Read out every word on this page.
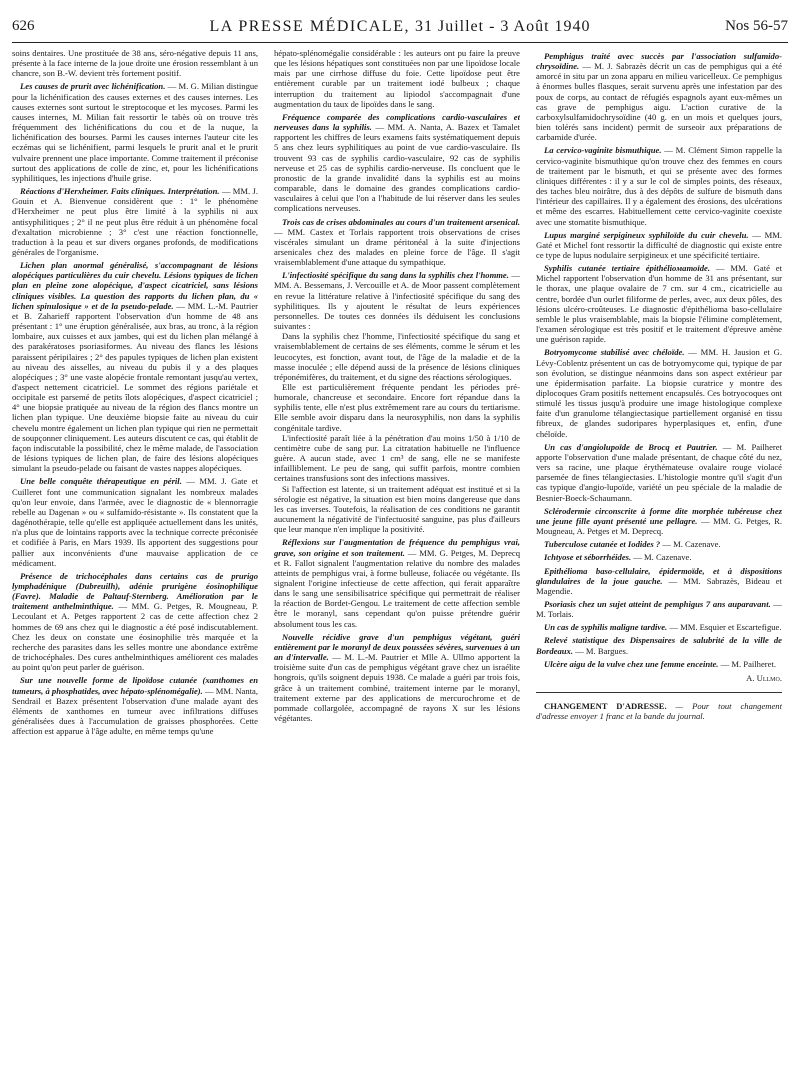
626	LA PRESSE MÉDICALE, 31 Juillet - 3 Août 1940	Nos 56-57

soins dentaires. Une prostituée de 38 ans, séro-négative depuis 11 ans, présente à la face interne de la joue droite une érosion ressemblant à un chancre, son B.-W. devient très fortement positif.

Les causes de prurit avec lichénification. — M. G. Milian distingue pour la lichénification des causes externes et des causes internes. Les causes externes sont surtout le streptocoque et les mycoses. Parmi les causes internes, M. Milian fait ressortir le tabès où on trouve très fréquemment des lichénifications du cou et de la nuque, la lichénification des bourses. Parmi les causes internes l'auteur cite les eczémas qui se lichénifient, parmi lesquels le prurit anal et le prurit vulvaire prennent une place importante. Comme traitement il préconise surtout des applications de colle de zinc, et, pour les lichénifications syphilitiques, les injections d'huile grise.

Réactions d'Herxheimer. Faits cliniques. Interprétation. — MM. J. Gouin et A. Bienvenue considèrent que : 1° le phénomène d'Herxheimer ne peut plus être limité à la syphilis ni aux antisyphilitiques ; 2° il ne peut plus être réduit à un phénomène focal d'exaltation microbienne ; 3° c'est une réaction fonctionnelle, traduction à la peau et sur divers organes profonds, de modifications générales de l'organisme.

Lichen plan anormal généralisé, s'accompagnant de lésions alopéciques particulières du cuir chevelu. Lésions typiques de lichen plan en pleine zone alopécique, d'aspect cicatriciel, sans lésions cliniques visibles. La question des rapports du lichen plan, du « lichen spinulosique » et de la pseudo-pelade. — MM. L.-M. Pautrier et B. Zaharieff rapportent l'observation d'un homme de 48 ans présentant : 1° une éruption généralisée, aux bras, au tronc, à la région lombaire, aux cuisses et aux jambes, qui est du lichen plan mélangé à des parakératoses psoriasiformes. Au niveau des flancs les lésions paraissent péripilaires ; 2° des papules typiques de lichen plan existent au niveau des aisselles, au niveau du pubis il y a des plaques alopéciques ; 3° une vaste alopécie frontale remontant jusqu'au vertex, d'aspect nettement cicatriciel. Le sommet des régions pariétale et occipitale est parsemé de petits îlots alopéciques, d'aspect cicatriciel ; 4° une biopsie pratiquée au niveau de la région des flancs montre un lichen plan typique. Une deuxième biopsie faite au niveau du cuir chevelu montre également un lichen plan typique qui rien ne permettait de soupçonner cliniquement. Les auteurs discutent ce cas, qui établit de façon indiscutable la possibilité, chez le même malade, de l'association de lésions typiques de lichen plan, de faire des lésions alopéciques simulant la pseudo-pelade ou faisant de vastes nappes alopéciques.

Une belle conquête thérapeutique en péril. — MM. J. Gate et Cuilleret font une communication signalant les nombreux malades qu'on leur envoie, dans l'armée, avec le diagnostic de « blennorragie rebelle au Dagenan » ou « sulfamido-résistante ». Ils constatent que la dagénothérapie, telle qu'elle est appliquée actuellement dans les unités, n'a plus que de lointains rapports avec la technique correcte préconisée et codifiée à Paris, en Mars 1939. Ils apportent des suggestions pour pallier aux inconvénients d'une mauvaise application de ce médicament.

Présence de trichocéphales dans certains cas de prurigo lymphadénique (Dubreuilh), adénie prurigène éosinophilique (Favre). Maladie de Paltauf-Sternberg. Amélioration par le traitement anthelminthique. — MM. G. Petges, R. Mougneau, P. Lecoulant et A. Petges rapportent 2 cas de cette affection chez 2 hommes de 69 ans chez qui le diagnostic a été posé indiscutablement. Chez les deux on constate une éosinophilie très marquée et la recherche des parasites dans les selles montre une abondance extrême de trichocéphales. Des cures anthelminthiques améliorent ces malades au point qu'on peut parler de guérison.

Sur une nouvelle forme de lipoïdose cutanée (xanthomes en tumeurs, à phosphatides, avec hépato-splénomégalie). — MM. Nanta, Sendrail et Bazex présentent l'observation d'une malade ayant des éléments de xanthomes en tumeur avec infiltrations diffuses généralisées dues à l'accumulation de graisses phosphorées. Cette affection est apparue à l'âge adulte, en même temps qu'une

hépato-splénomégalie considérable : les auteurs ont pu faire la preuve que les lésions hépatiques sont constituées non par une lipoïdose locale mais par une cirrhose diffuse du foie. Cette lipoïdose peut être entièrement curable par un traitement iodé bulbeux ; chaque interruption du traitement au lipiodol s'accompagnait d'une augmentation du taux de lipoïdes dans le sang.

Fréquence comparée des complications cardio-vasculaires et nerveuses dans la syphilis. — MM. A. Nanta, A. Bazex et Tamalet rapportent les chiffres de leurs examens faits systématiquement depuis 5 ans chez leurs syphilitiques au point de vue cardio-vasculaire. Ils trouvent 93 cas de syphilis cardio-vasculaire, 92 cas de syphilis nerveuse et 25 cas de syphilis cardio-nerveuse. Ils concluent que le pronostic de la grande invalidité dans la syphilis est au moins comparable, dans le domaine des grandes complications cardio-vasculaires à celui que l'on a l'habitude de lui réserver dans les seules complications nerveuses.

Trois cas de crises abdominales au cours d'un traitement arsenical. — MM. Castex et Torlais rapportent trois observations de crises viscérales simulant un drame péritonéal à la suite d'injections arsenicales chez des malades en pleine force de l'âge. Il s'agit vraisemblablement d'une attaque du sympathique.

L'infectiosité spécifique du sang dans la syphilis chez l'homme. — MM. A. Bessemans, J. Vercouille et A. de Moor passent complètement en revue la littérature relative à l'infectiosité spécifique du sang des syphilitiques. Ils y ajoutent le résultat de leurs expériences personnelles. De toutes ces données ils déduisent les conclusions suivantes :

Dans la syphilis chez l'homme, l'infectiosité spécifique du sang et vraisemblablement de certains de ses éléments, comme le sérum et les leucocytes, est fonction, avant tout, de l'âge de la maladie et de la masse inoculée ; elle dépend aussi de la présence de lésions cliniques tréponémifères, du traitement, et du signe des réactions sérologiques.

Elle est particulièrement fréquente pendant les périodes pré-humorale, chancreuse et secondaire. Encore fort répandue dans la syphilis tente, elle n'est plus extrêmement rare au cours du tertiarisme. Elle semble avoir disparu dans la neurosyphilis, non dans la syphilis congénitale tardive.

L'infectiosité paraît liée à la pénétration d'au moins 1/50 à 1/10 de centimètre cube de sang pur. La citratation habituelle ne l'influence guère. A aucun stade, avec 1 cm³ de sang, elle ne se manifeste infailliblement. Le peu de sang, qui suffit parfois, montre combien certaines transfusions sont des infections massives.

Si l'affection est latente, si un traitement adéquat est institué et si la sérologie est négative, la situation est bien moins dangereuse que dans les cas inverses. Toutefois, la réalisation de ces conditions ne garantit aucunement la négativité de l'infectuosité sanguine, pas plus d'ailleurs que leur manque n'en implique la positivité.

Réflexions sur l'augmentation de fréquence du pemphigus vrai, grave, son origine et son traitement. — MM. G. Petges, M. Deprecq et R. Fallot signalent l'augmentation relative du nombre des malades atteints de pemphigus vrai, à forme bulleuse, foliacée ou végétante. Ils signalent l'origine infectieuse de cette affection, qui ferait apparaître dans le sang une sensibilisatrice spécifique qui permettrait de réaliser la réaction de Bordet-Gengou. Le traitement de cette affection semble être le moranyl, sans cependant qu'on puisse prétendre guérir absolument tous les cas.

Nouvelle récidive grave d'un pemphigus végétant, guéri entièrement par le moranyl de deux poussées sévères, survenues à un an d'intervalle. — M. L.-M. Pautrier et Mlle A. Ullmo apportent la troisième suite d'un cas de pemphigus végétant grave chez un israélite hongrois, qu'ils soignent depuis 1938. Ce malade a guéri par trois fois, grâce à un traitement combiné, traitement interne par le moranyl, traitement externe par des applications de mercurochrome et de pommade collargolée, accompagné de rayons X sur les lésions végétantes.

Pemphigus traité avec succès par l'association sulfamido-chrysoïdine. — M. J. Sabrazès décrit un cas de pemphigus qui a été amorcé in situ par un zona apparu en milieu varicelleux. Ce pemphigus à énormes bulles flasques, serait survenu après une infestation par des poux de corps, au contact de réfugiés espagnols ayant eux-mêmes un cas grave de pemphigus aigu. L'action curative de la carboxylsulfamidochrysoïdine (40 g. en un mois et quelques jours, bien tolérés sans incident) permit de surseoir aux préparations de carbamide d'urée.

La cervico-vaginite bismuthique. — M. Clément Simon rappelle la cervico-vaginite bismuthique qu'on trouve chez des femmes en cours de traitement par le bismuth, et qui se présente avec des formes cliniques différentes : il y a sur le col de simples points, des réseaux, des taches bleu noirâtre, dus à des dépôts de sulfure de bismuth dans l'intérieur des capillaires. Il y a également des érosions, des ulcérations et même des escarres. Habituellement cette cervico-vaginite coexiste avec une stomatite bismuthique.

Lupus marginé serpigineux syphiloïde du cuir chevelu. — MM. Gaté et Michel font ressortir la difficulté de diagnostic qui existe entre ce type de lupus nodulaire serpigineux et une spécificité tertiaire.

Syphilis cutanée tertiaire épithélioматоïde. — MM. Gaté et Michel rapportent l'observation d'un homme de 31 ans présentant, sur le thorax, une plaque ovalaire de 7 cm. sur 4 cm., cicatricielle au centre, bordée d'un ourlet filiforme de perles, avec, aux deux pôles, des lésions ulcéro-croûteuses. Le diagnostic d'épithélioma baso-cellulaire semble le plus vraisemblable, mais la biopsie l'élimine complètement, l'examen sérologique est très positif et le traitement d'épreuve amène une guérison rapide.

Botryomycome stabilisé avec chéloïde. — MM. H. Jausion et G. Lévy-Coblentz présentent un cas de botryomycome qui, typique de par son évolution, se distingue néanmoins dans son aspect extérieur par une épidermisation parfaite. La biopsie curatrice y montre des diplocoques Gram positifs nettement encapsulés. Ces botryocoques ont stimulé les tissus jusqu'à produire une image histologique complexe faite d'un granulome télangiectasique partiellement organisé en tissu fibreux, de glandes sudoripares hyperplasiques et, enfin, d'une chéloïde.

Un cas d'angiolupoïde de Brocq et Pautrier. — M. Pailheret apporte l'observation d'une malade présentant, de chaque côté du nez, vers sa racine, une plaque érythémateuse ovalaire rouge violacé parsemée de fines télangiectasies. L'histologie montre qu'il s'agit d'un cas typique d'angio-lupoïde, variété un peu spéciale de la maladie de Besnier-Boeck-Schaumann.

Sclérodermie circonscrite à forme dite morphée tubéreuse chez une jeune fille ayant présenté une pellagre. — MM. G. Petges, R. Mougneau, A. Petges et M. Deprecq.

Tuberculose cutanée et Iodides ? — M. Cazenave.

Ichtyose et séborrhéides. — M. Cazenave.

Epithélioma baso-cellulaire, épidermoïde, et à dispositions glandulaires de la joue gauche. — MM. Sabrazès, Bideau et Magendie.

Psoriasis chez un sujet atteint de pemphigus 7 ans auparavant. — M. Torlais.

Un cas de syphilis maligne tardive. — MM. Esquier et Escartefigue.

Relevé statistique des Dispensaires de salubrité de la ville de Bordeaux. — M. Bargues.

Ulcère aigu de la vulve chez une femme enceinte. — M. Pailheret.

A. Ullmo.

CHANGEMENT D'ADRESSE. — Pour tout changement d'adresse envoyer 1 franc et la bande du journal.
